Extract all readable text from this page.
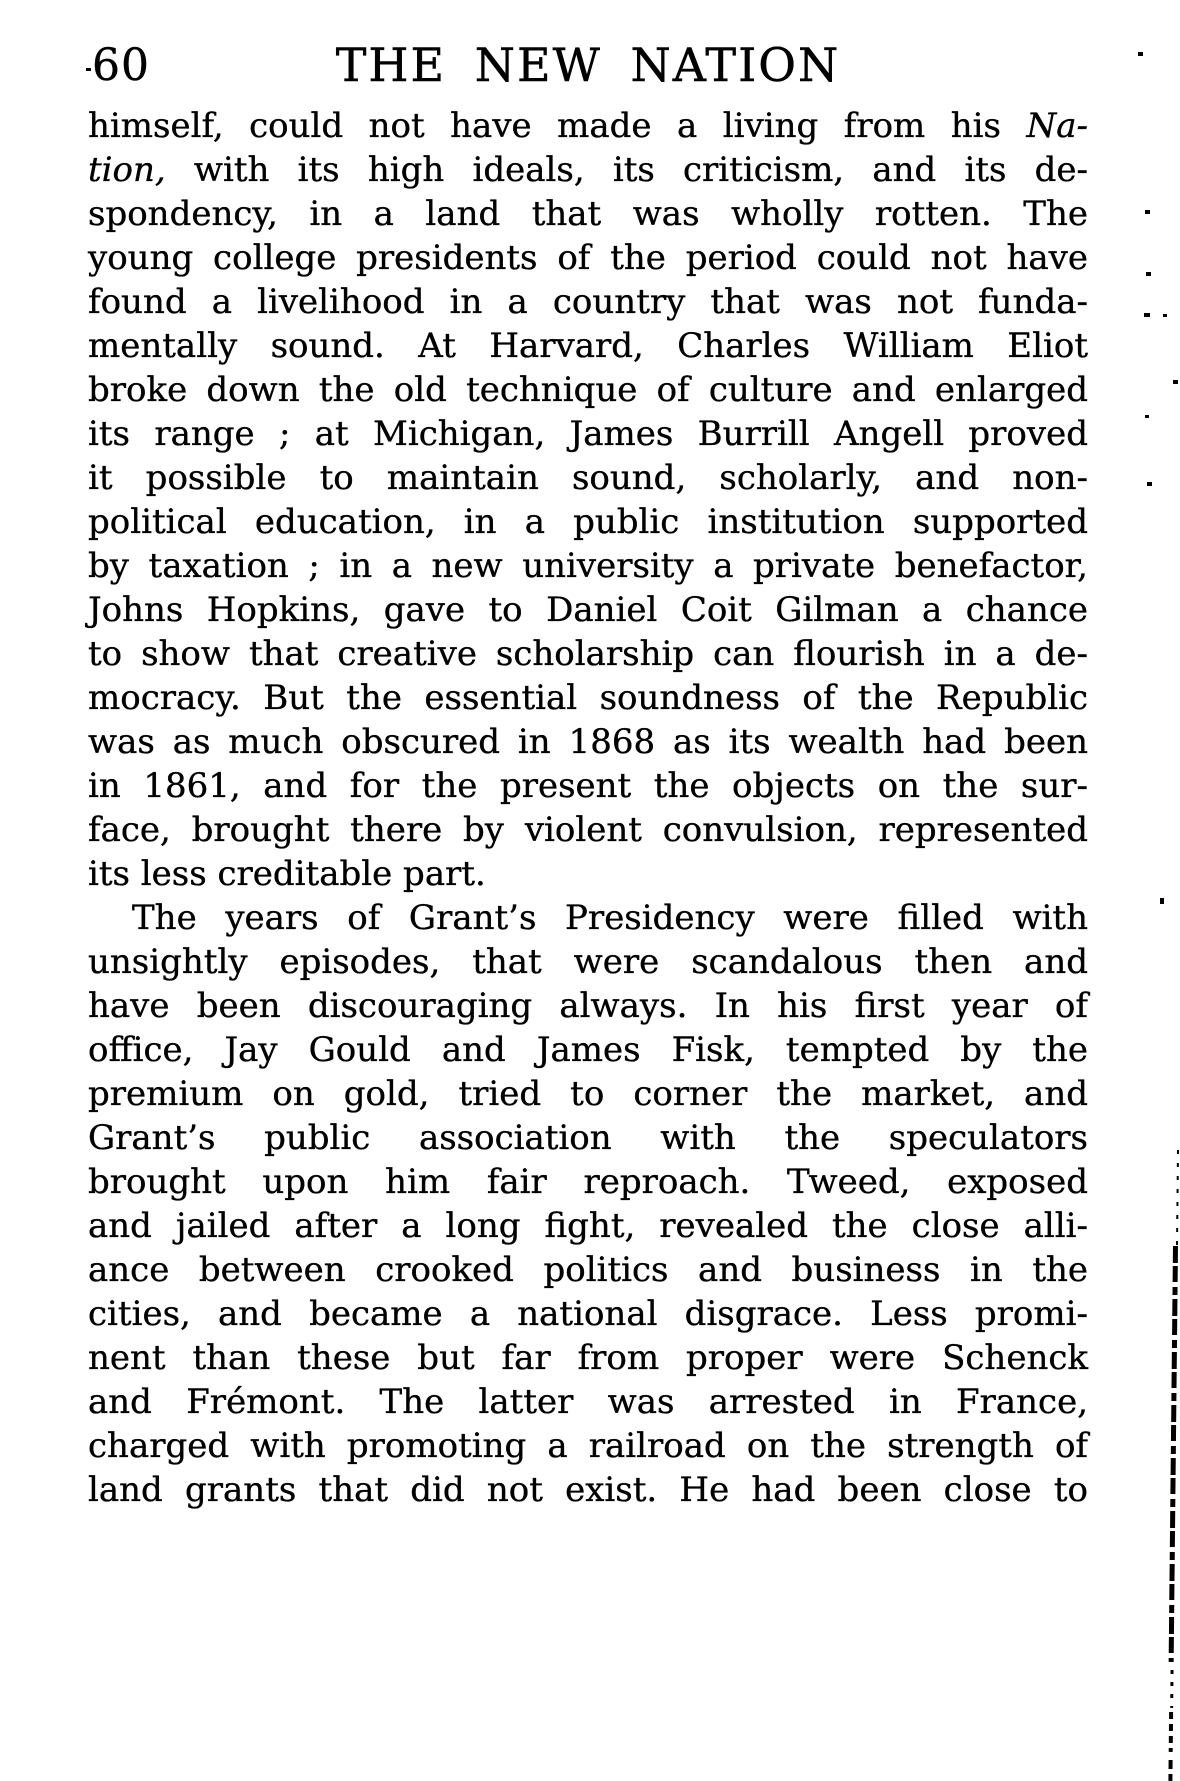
60	THE NEW NATION
himself, could not have made a living from his Na-
tion, with its high ideals, its criticism, and its de-
spondency, in a land that was wholly rotten. The
young college presidents of the period could not have
found a livelihood in a country that was not funda-
mentally sound. At Harvard, Charles William Eliot
broke down the old technique of culture and enlarged
its range ; at Michigan, James Burrill Angell proved
it possible to maintain sound, scholarly, and non-
political education, in a public institution supported
by taxation ; in a new university a private benefactor,
Johns Hopkins, gave to Daniel Coit Gilman a chance
to show that creative scholarship can flourish in a de-
mocracy. But the essential soundness of the Republic
was as much obscured in 1868 as its wealth had been
in 1861, and for the present the objects on the sur-
face, brought there by violent convulsion, represented
its less creditable part.
The years of Grant’s Presidency were filled with
unsightly episodes, that were scandalous then and
have been discouraging always. In his first year of
office, Jay Gould and James Fisk, tempted by the
premium on gold, tried to corner the market, and
Grant’s public association with the speculators
brought upon him fair reproach. Tweed, exposed
and jailed after a long fight, revealed the close alli-
ance between crooked politics and business in the
cities, and became a national disgrace. Less promi-
nent than these but far from proper were Schenck
and Frémont. The latter was arrested in France,
charged with promoting a railroad on the strength of
land grants that did not exist. He had been close to
